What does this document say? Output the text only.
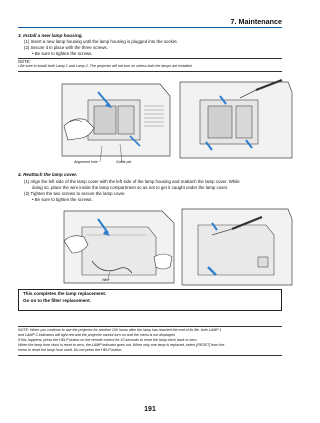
7. Maintenance
3. Install a new lamp housing.
(1) Insert a new lamp housing until the lamp housing is plugged into the socket.
(2) Secure it in place with the three screws.
• Be sure to tighten the screws.
NOTE:
• Be sure to install both Lamp 1 and Lamp 2. The projector will not turn on unless both the lamps are installed.
Alignment hole	Guide pin
4. Reattach the lamp cover.
(1) Align the left side of the lamp cover with the left side of the lamp housing and reattach the lamp cover. While
doing so, place the wire inside the lamp compartment so as not to get it caught under the lamp cover.
(2) Tighten the two screws to secure the lamp cover.
• Be sure to tighten the screws.
Wire
This completes the lamp replacement.
Go on to the filter replacement.
NOTE: When you continue to use the projector for another 100 hours after the lamp has reached the end of its life, both LAMP 1
and LAMP 2 indicators will light red and the projector cannot turn on and the menu is not displayed.
If this happens, press the HELP button on the remote control for 10 seconds to reset the lamp clock back to zero.
When the lamp time clock is reset to zero, the LAMP indicator goes out. When only one lamp is replaced, select [RESET] from the
menu to reset the lamp hour used. Do not press the HELP button.
191
